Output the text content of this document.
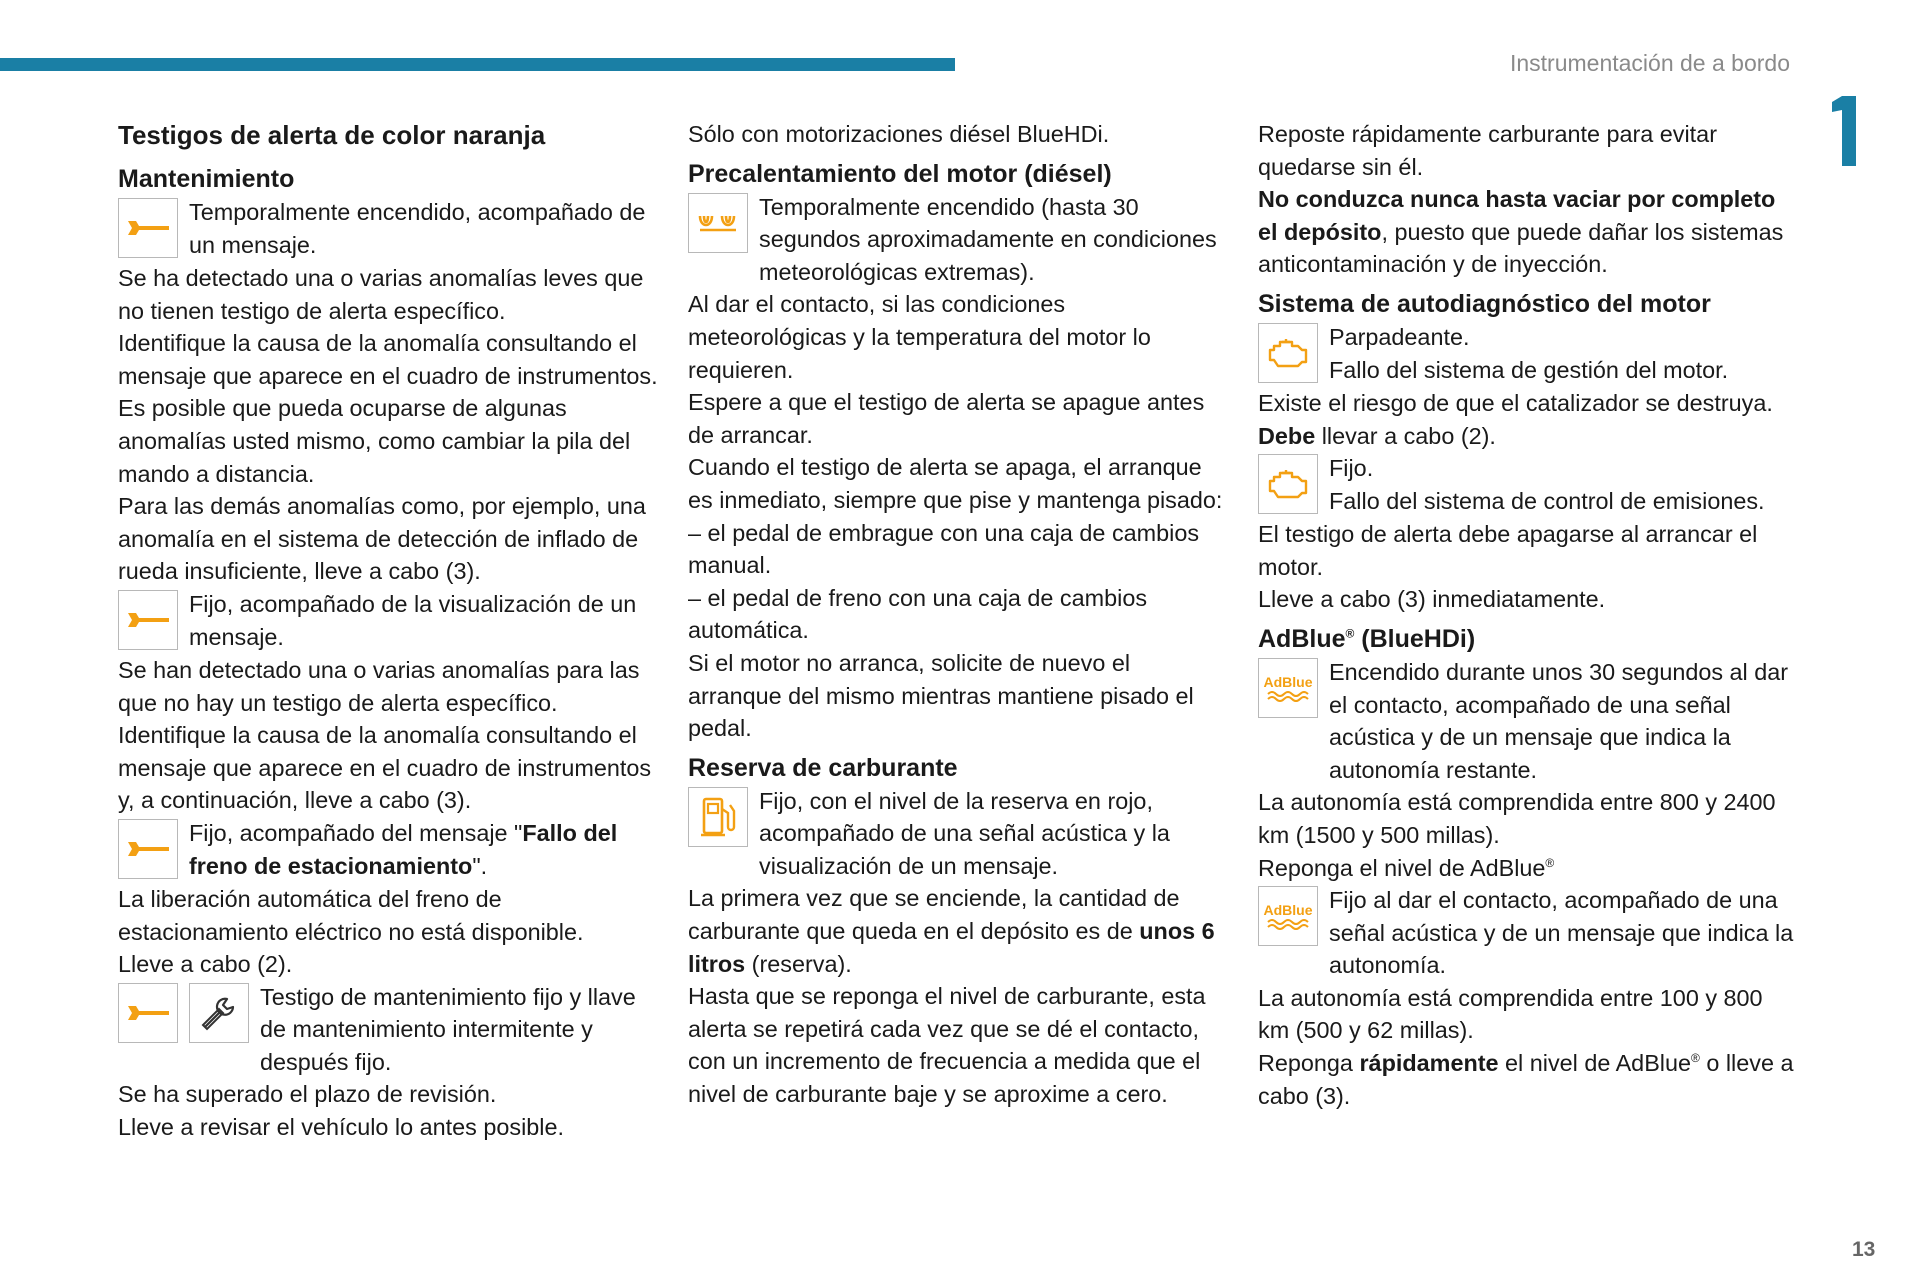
Instrumentación de a bordo
13
Testigos de alerta de color naranja
Mantenimiento

Temporalmente encendido, acompañado de un mensaje.

Se ha detectado una o varias anomalías leves que no tienen testigo de alerta específico.

Identifique la causa de la anomalía consultando el mensaje que aparece en el cuadro de instrumentos.

Es posible que pueda ocuparse de algunas anomalías usted mismo, como cambiar la pila del mando a distancia.

Para las demás anomalías como, por ejemplo, una anomalía en el sistema de detección de inflado de rueda insuficiente, lleve a cabo (3).

Fijo, acompañado de la visualización de un mensaje.

Se han detectado una o varias anomalías para las que no hay un testigo de alerta específico.

Identifique la causa de la anomalía consultando el mensaje que aparece en el cuadro de instrumentos y, a continuación, lleve a cabo (3).

Fijo, acompañado del mensaje "Fallo del freno de estacionamiento".

La liberación automática del freno de estacionamiento eléctrico no está disponible.

Lleve a cabo (2).

Testigo de mantenimiento fijo y llave de mantenimiento intermitente y después fijo.

Se ha superado el plazo de revisión.

Lleve a revisar el vehículo lo antes posible.

Sólo con motorizaciones diésel BlueHDi.

Precalentamiento del motor (diésel)

Temporalmente encendido (hasta 30 segundos aproximadamente en condiciones meteorológicas extremas).

Al dar el contacto, si las condiciones meteorológicas y la temperatura del motor lo requieren.

Espere a que el testigo de alerta se apague antes de arrancar.

Cuando el testigo de alerta se apaga, el arranque es inmediato, siempre que pise y mantenga pisado:

– el pedal de embrague con una caja de cambios manual.

– el pedal de freno con una caja de cambios automática.

Si el motor no arranca, solicite de nuevo el arranque del mismo mientras mantiene pisado el pedal.

Reserva de carburante

Fijo, con el nivel de la reserva en rojo, acompañado de una señal acústica y la visualización de un mensaje.

La primera vez que se enciende, la cantidad de carburante que queda en el depósito es de unos 6 litros (reserva).

Hasta que se reponga el nivel de carburante, esta alerta se repetirá cada vez que se dé el contacto, con un incremento de frecuencia a medida que el nivel de carburante baje y se aproxime a cero.

Reposte rápidamente carburante para evitar quedarse sin él.

No conduzca nunca hasta vaciar por completo el depósito, puesto que puede dañar los sistemas anticontaminación y de inyección.

Sistema de autodiagnóstico del motor

Parpadeante.

Fallo del sistema de gestión del motor.

Existe el riesgo de que el catalizador se destruya.

Debe llevar a cabo (2).

Fijo.

Fallo del sistema de control de emisiones.

El testigo de alerta debe apagarse al arrancar el motor.

Lleve a cabo (3) inmediatamente.

AdBlue® (BlueHDi)
AdBlue Encendido durante unos 30 segundos al dar el contacto, acompañado de una señal acústica y de un mensaje que indica la autonomía restante.

La autonomía está comprendida entre 800 y 2400 km (1500 y 500 millas).

Reponga el nivel de AdBlue®

AdBlue Fijo al dar el contacto, acompañado de una señal acústica y de un mensaje que indica la autonomía.

La autonomía está comprendida entre 100 y 800 km (500 y 62 millas).

Reponga rápidamente el nivel de AdBlue® o lleve a cabo (3).
